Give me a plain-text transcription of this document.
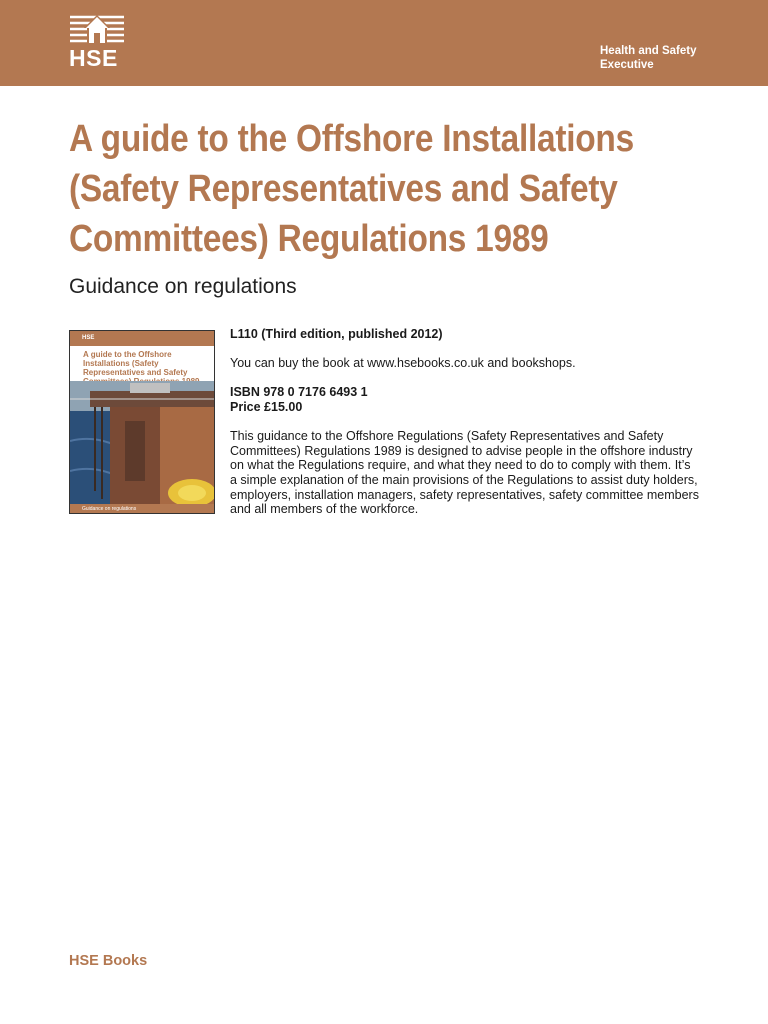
HSE	Health and Safety
Executive
A guide to the Offshore Installations (Safety Representatives and Safety Committees) Regulations 1989
Guidance on regulations
HSE
A guide to the Offshore Installations (Safety Representatives and Safety
Guidance on regulations

L110 (Third edition, published 2012)

You can buy the book at www.hsebooks.co.uk and bookshops.

ISBN 978 0 7176 6493 1

Price £15.00

This guidance to the Offshore Regulations (Safety Representatives and Safety Committees) Regulations 1989 is designed to advise people in the offshore industry on what the Regulations require, and what they need to do to comply with them. It’s a simple explanation of the main provisions of the Regulations to assist duty holders, employers, installation managers, safety representatives, safety committee members and all members of the workforce.

HSE Books
